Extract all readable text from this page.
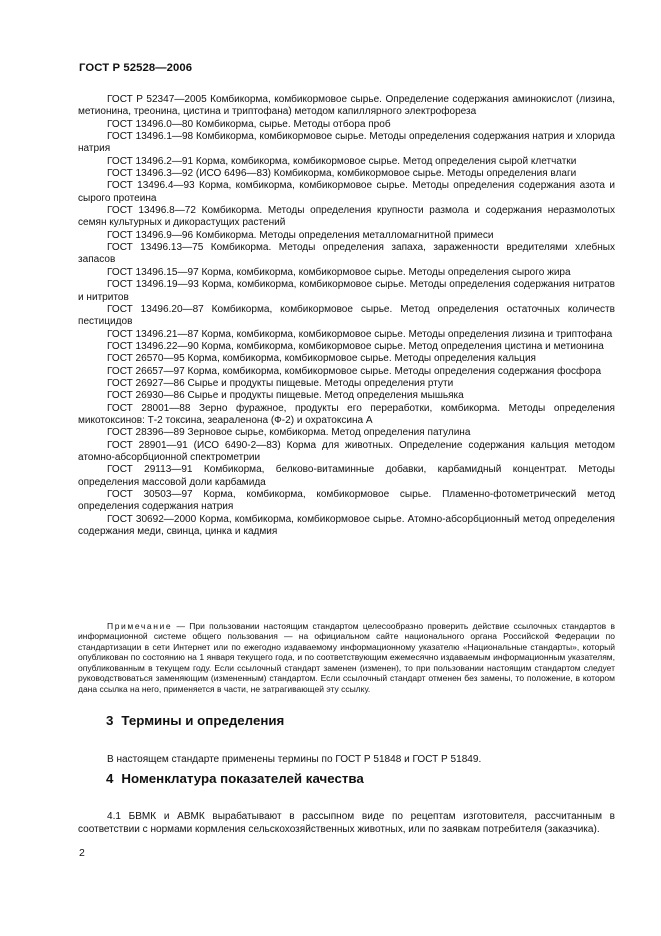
ГОСТ Р 52528—2006

ГОСТ Р 52347—2005 Комбикорма, комбикормовое сырье. Определение содержания аминокислот (лизина, метионина, треонина, цистина и триптофана) методом капиллярного электрофореза

ГОСТ 13496.0—80 Комбикорма, сырье. Методы отбора проб

ГОСТ 13496.1—98 Комбикорма, комбикормовое сырье. Методы определения содержания натрия и хлорида натрия

ГОСТ 13496.2—91 Корма, комбикорма, комбикормовое сырье. Метод определения сырой клетчатки

ГОСТ 13496.3—92 (ИСО 6496—83) Комбикорма, комбикормовое сырье. Методы определения влаги

ГОСТ 13496.4—93 Корма, комбикорма, комбикормовое сырье. Методы определения содержания азота и сырого протеина

ГОСТ 13496.8—72 Комбикорма. Методы определения крупности размола и содержания неразмолотых семян культурных и дикорастущих растений

ГОСТ 13496.9—96 Комбикорма. Методы определения металломагнитной примеси

ГОСТ 13496.13—75 Комбикорма. Методы определения запаха, зараженности вредителями хлебных запасов

ГОСТ 13496.15—97 Корма, комбикорма, комбикормовое сырье. Методы определения сырого жира

ГОСТ 13496.19—93 Корма, комбикорма, комбикормовое сырье. Методы определения содержания нитратов и нитритов

ГОСТ 13496.20—87 Комбикорма, комбикормовое сырье. Метод определения остаточных количеств пестицидов

ГОСТ 13496.21—87 Корма, комбикорма, комбикормовое сырье. Методы определения лизина и триптофана

ГОСТ 13496.22—90 Корма, комбикорма, комбикормовое сырье. Метод определения цистина и метионина

ГОСТ 26570—95 Корма, комбикорма, комбикормовое сырье. Методы определения кальция

ГОСТ 26657—97 Корма, комбикорма, комбикормовое сырье. Методы определения содержания фосфора

ГОСТ 26927—86 Сырье и продукты пищевые. Методы определения ртути

ГОСТ 26930—86 Сырье и продукты пищевые. Метод определения мышьяка

ГОСТ 28001—88 Зерно фуражное, продукты его переработки, комбикорма. Методы определения микотоксинов: Т-2 токсина, зеараленона (Ф-2) и охратоксина А

ГОСТ 28396—89 Зерновое сырье, комбикорма. Метод определения патулина

ГОСТ 28901—91 (ИСО 6490-2—83) Корма для животных. Определение содержания кальция методом атомно-абсорбционной спектрометрии

ГОСТ 29113—91 Комбикорма, белково-витаминные добавки, карбамидный концентрат. Методы определения массовой доли карбамида

ГОСТ 30503—97 Корма, комбикорма, комбикормовое сырье. Пламенно-фотометрический метод определения содержания натрия

ГОСТ 30692—2000 Корма, комбикорма, комбикормовое сырье. Атомно-абсорбционный метод определения содержания меди, свинца, цинка и кадмия

Примечание — При пользовании настоящим стандартом целесообразно проверить действие ссылочных стандартов в информационной системе общего пользования — на официальном сайте национального органа Российской Федерации по стандартизации в сети Интернет или по ежегодно издаваемому информационному указателю «Национальные стандарты», который опубликован по состоянию на 1 января текущего года, и по соответствующим ежемесячно издаваемым информационным указателям, опубликованным в текущем году. Если ссылочный стандарт заменен (изменен), то при пользовании настоящим стандартом следует руководствоваться заменяющим (измененным) стандартом. Если ссылочный стандарт отменен без замены, то положение, в котором дана ссылка на него, применяется в части, не затрагивающей эту ссылку.

3 Термины и определения

В настоящем стандарте применены термины по ГОСТ Р 51848 и ГОСТ Р 51849.

4 Номенклатура показателей качества

4.1 БВМК и АВМК вырабатывают в рассыпном виде по рецептам изготовителя, рассчитанным в соответствии с нормами кормления сельскохозяйственных животных, или по заявкам потребителя (заказчика).

2
